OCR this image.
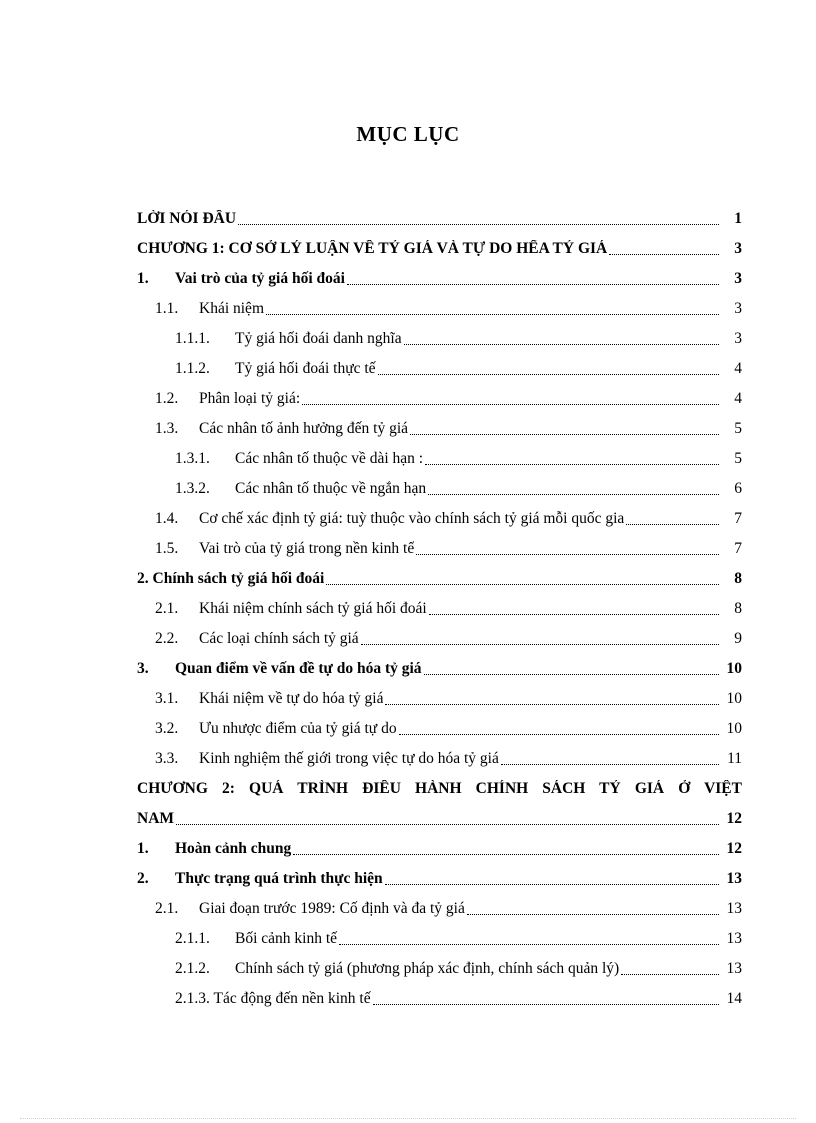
MỤC LỤC
LỜI NÓI ĐẦU	1
CHƯƠNG 1: CƠ SỞ LÝ LUẬN VỀ TỶ GIÁ VÀ TỰ DO HỂA TỶ GIÁ	3
1.	Vai trò của tỷ giá hối đoái	3
1.1.	Khái niệm	3
1.1.1.	Tỷ giá hối đoái danh nghĩa	3
1.1.2.	Tỷ giá hối đoái thực tế	4
1.2.	Phân loại tỷ giá:	4
1.3.	Các nhân tố ảnh hưởng đến tỷ giá	5
1.3.1.	Các nhân tố thuộc về dài hạn :	5
1.3.2.	Các nhân tố thuộc về ngắn hạn	6
1.4.	Cơ chế xác định tỷ giá: tuỳ thuộc vào chính sách tỷ giá mỗi quốc gia	7
1.5.	Vai trò của tỷ giá trong nền kinh tế	7
2. Chính sách tỷ giá hối đoái	8
2.1.	Khái niệm chính sách tỷ giá hối đoái	8
2.2.	Các loại chính sách tỷ giá	9
3.	Quan điểm về vấn đề tự do hóa tỷ giá	10
3.1.	Khái niệm về tự do hóa tỷ giá	10
3.2.	Ưu nhược điểm của tỷ giá tự do	10
3.3.	Kinh nghiệm thế giới trong việc tự do hóa tỷ giá	11
CHƯƠNG 2: QUÁ TRÌNH ĐIỀU HÀNH CHÍNH SÁCH TỶ GIÁ Ở VIỆT
NAM	12
1.	Hoàn cảnh chung	12
2.	Thực trạng quá trình thực hiện	13
2.1.	Giai đoạn trước 1989: Cố định và đa tỷ giá	13
2.1.1.	Bối cảnh kinh tế	13
2.1.2.	Chính sách tỷ giá (phương pháp xác định, chính sách quản lý)	13
2.1.3. Tác động đến nền kinh tế	14
